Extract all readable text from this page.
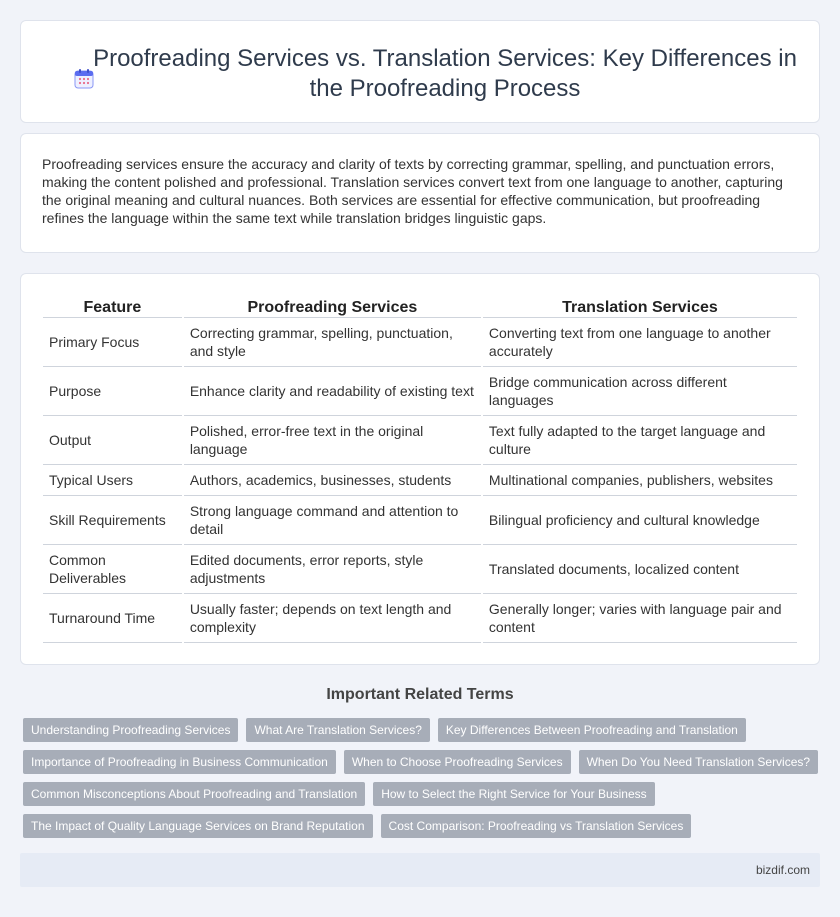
Proofreading Services vs. Translation Services: Key Differences in the Proofreading Process

Proofreading services ensure the accuracy and clarity of texts by correcting grammar, spelling, and punctuation errors, making the content polished and professional. Translation services convert text from one language to another, capturing the original meaning and cultural nuances. Both services are essential for effective communication, but proofreading refines the language within the same text while translation bridges linguistic gaps.

Feature	Proofreading Services	Translation Services
Primary Focus	Correcting grammar, spelling, punctuation, and style	Converting text from one language to another accurately
Purpose	Enhance clarity and readability of existing text	Bridge communication across different languages
Output	Polished, error-free text in the original language	Text fully adapted to the target language and culture
Typical Users	Authors, academics, businesses, students	Multinational companies, publishers, websites
Skill Requirements	Strong language command and attention to detail	Bilingual proficiency and cultural knowledge
Common Deliverables	Edited documents, error reports, style adjustments	Translated documents, localized content
Turnaround Time	Usually faster; depends on text length and complexity	Generally longer; varies with language pair and content
Important Related Terms
Understanding Proofreading Services	What Are Translation Services?	Key Differences Between Proofreading and Translation
Importance of Proofreading in Business Communication	When to Choose Proofreading Services	When Do You Need Translation Services?
Common Misconceptions About Proofreading and Translation	How to Select the Right Service for Your Business
The Impact of Quality Language Services on Brand Reputation	Cost Comparison: Proofreading vs Translation Services
bizdif.com
